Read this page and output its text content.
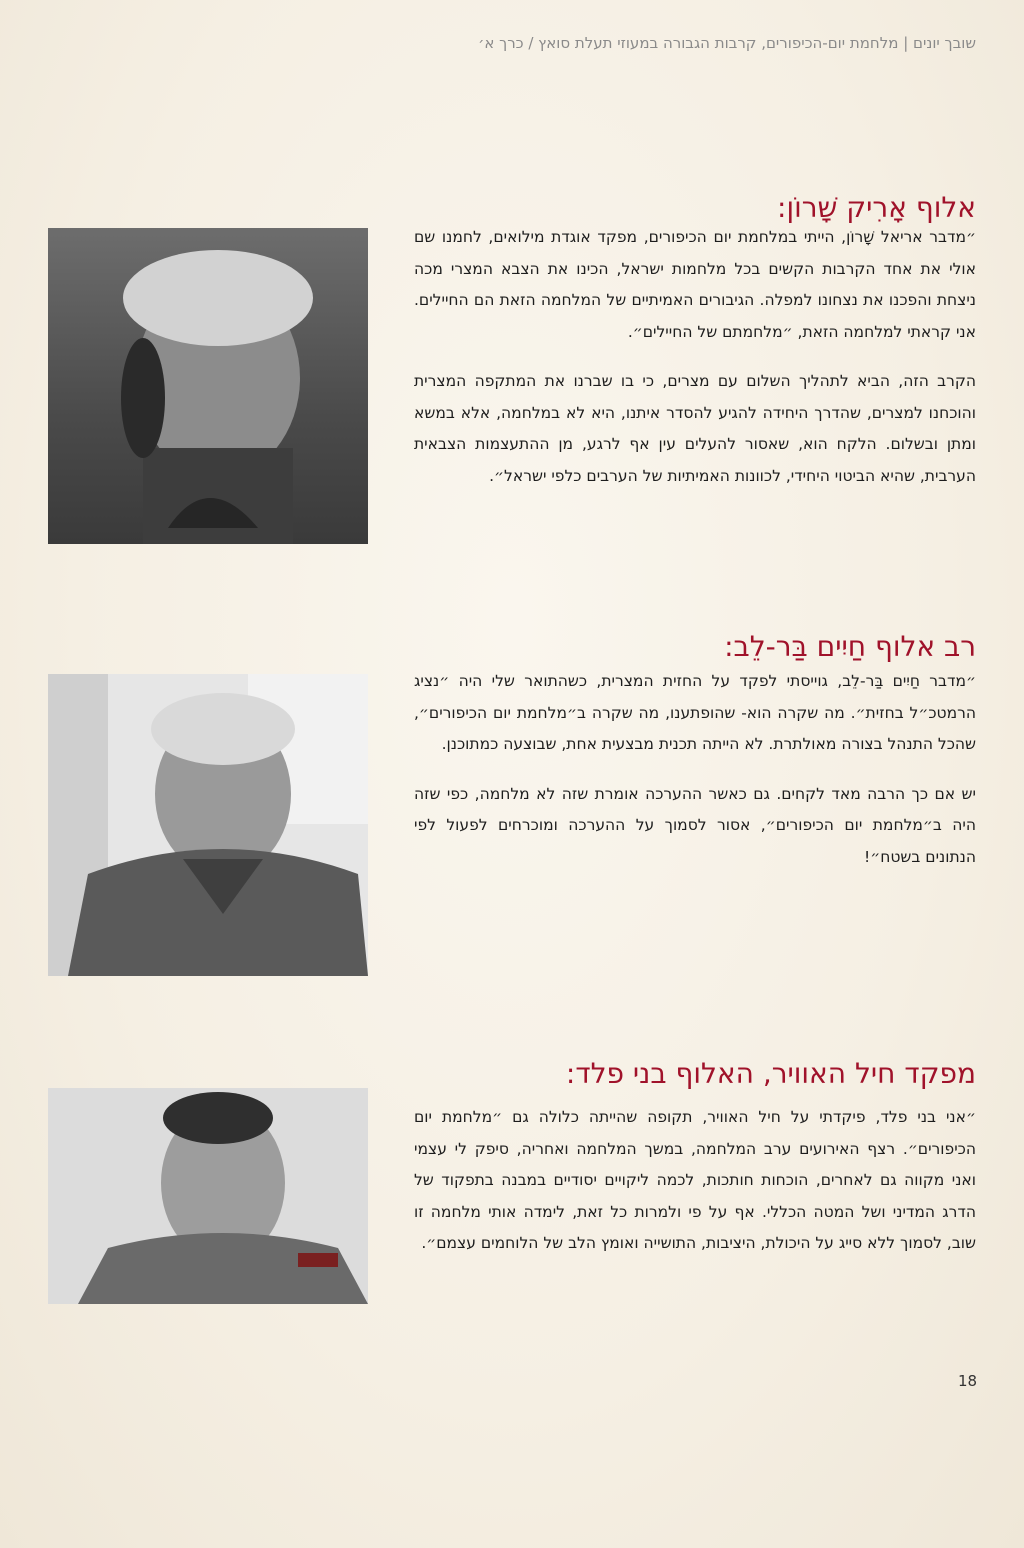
שובך יונים | מלחמת יום-הכיפורים, קרבות הגבורה במעוזי תעלת סואץ / כרך א׳
אלוף אָרִיק שָׁרוֹן:

״מדבר אריאל שָׁרוֹן, הייתי במלחמת יום הכיפורים, מפקד אוגדת מילואים, לחמנו שם אולי את אחד הקרבות הקשים בכל מלחמות ישראל, הכינו את הצבא המצרי מכה ניצחת והפכנו את נצחונו למפלה. הגיבורים האמיתיים של המלחמה הזאת הם החיילים. אני קראתי למלחמה הזאת, ״מלחמתם של החיילים״.

הקרב הזה, הביא לתהליך השלום עם מצרים, כי בו שברנו את המתקפה המצרית והוכחנו למצרים, שהדרך היחידה להגיע להסדר איתנו, היא לא במלחמה, אלא במשא ומתן ובשלום. הלקח הוא, שאסור להעלים עין אף לרגע, מן ההתעצמות הצבאית הערבית, שהיא הביטוי היחידי, לכוונות האמיתיות של הערבים כלפי ישראל״.

רב אלוף חַיִים בַּר-לֵב:

״מדבר חַיִים בַּר-לֵב, גוייסתי לפקד על החזית המצרית, כשהתואר שלי היה ״נציג הרמטכ״ל בחזית״. מה שקרה הוא- שהופתענו, מה שקרה ב״מלחמת יום הכיפורים״, שהכל התנהל בצורה מאולתרת. לא הייתה תכנית מבצעית אחת, שבוצעה כמתוכנן.

יש אם כך הרבה מאד לקחים. גם כאשר ההערכה אומרת שזה לא מלחמה, כפי שזה היה ב״מלחמת יום הכיפורים״, אסור לסמוך על ההערכה ומוכרחים לפעול לפי הנתונים בשטח״!

מפקד חיל האוויר, האלוף בני פלד:

״אני בני פלד, פיקדתי על חיל האוויר, תקופה שהייתה כלולה גם ״מלחמת יום הכיפורים״. רצף האירועים ערב המלחמה, במשך המלחמה ואחריה, סיפק לי עצמי ואני מקווה גם לאחרים, הוכחות חותכות, לכמה ליקויים יסודיים במבנה בתפקוד של הדרג המדיני ושל המטה הכללי. אף על פי ולמרות כל זאת, לימדה אותי מלחמה זו שוב, לסמוך ללא סייג על היכולת, היציבות, התושייה ואומץ הלב של הלוחמים עצמם״.

18
